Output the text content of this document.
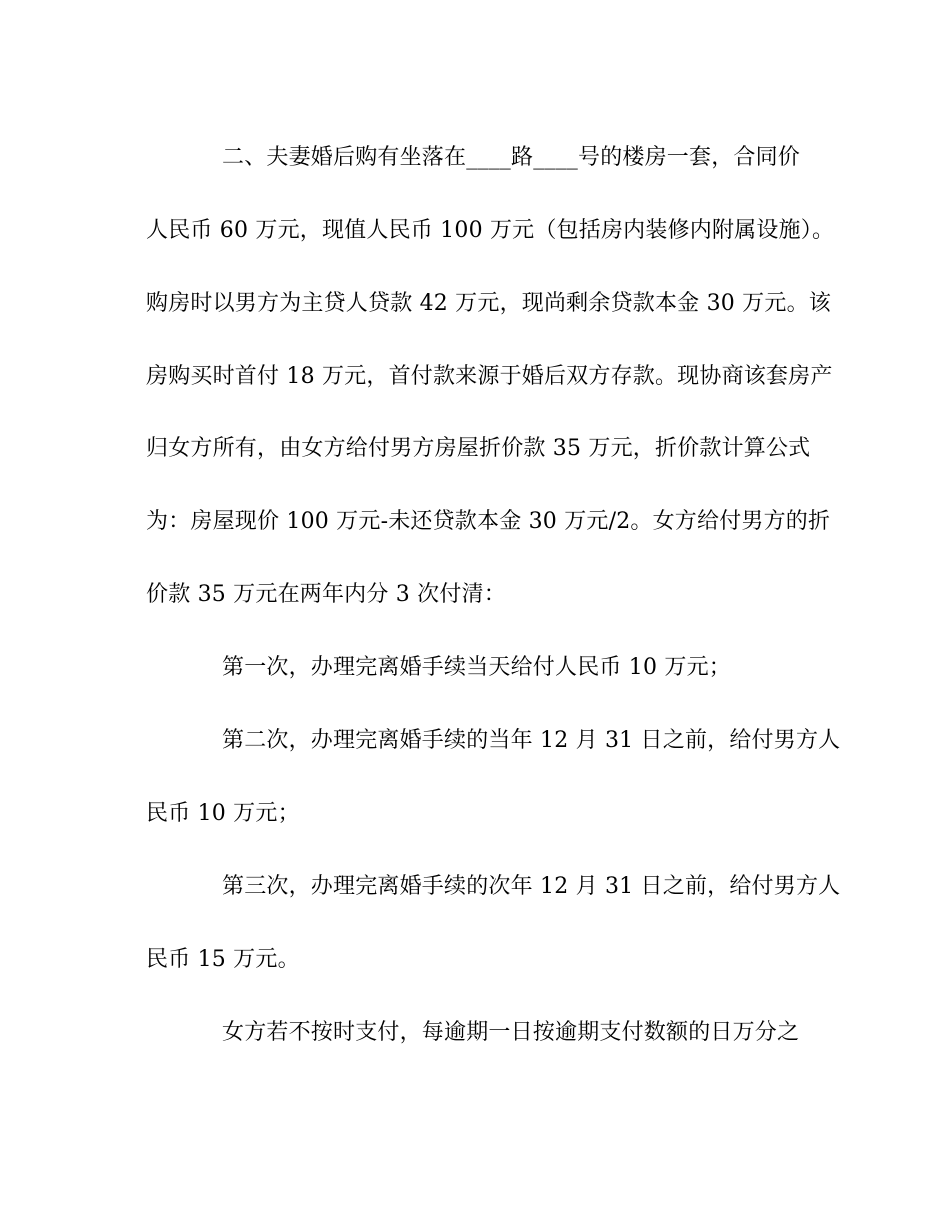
二、夫妻婚后购有坐落在____路____号的楼房一套，合同价
人民币 60 万元，现值人民币 100 万元（包括房内装修内附属设施）。
购房时以男方为主贷人贷款 42 万元，现尚剩余贷款本金 30 万元。该
房购买时首付 18 万元，首付款来源于婚后双方存款。现协商该套房产
归女方所有，由女方给付男方房屋折价款 35 万元，折价款计算公式
为：房屋现价 100 万元-未还贷款本金 30 万元/2。女方给付男方的折
价款 35 万元在两年内分 3 次付清：
第一次，办理完离婚手续当天给付人民币 10 万元；
第二次，办理完离婚手续的当年 12 月 31 日之前，给付男方人
民币 10 万元；
第三次，办理完离婚手续的次年 12 月 31 日之前，给付男方人
民币 15 万元。
女方若不按时支付，每逾期一日按逾期支付数额的日万分之
